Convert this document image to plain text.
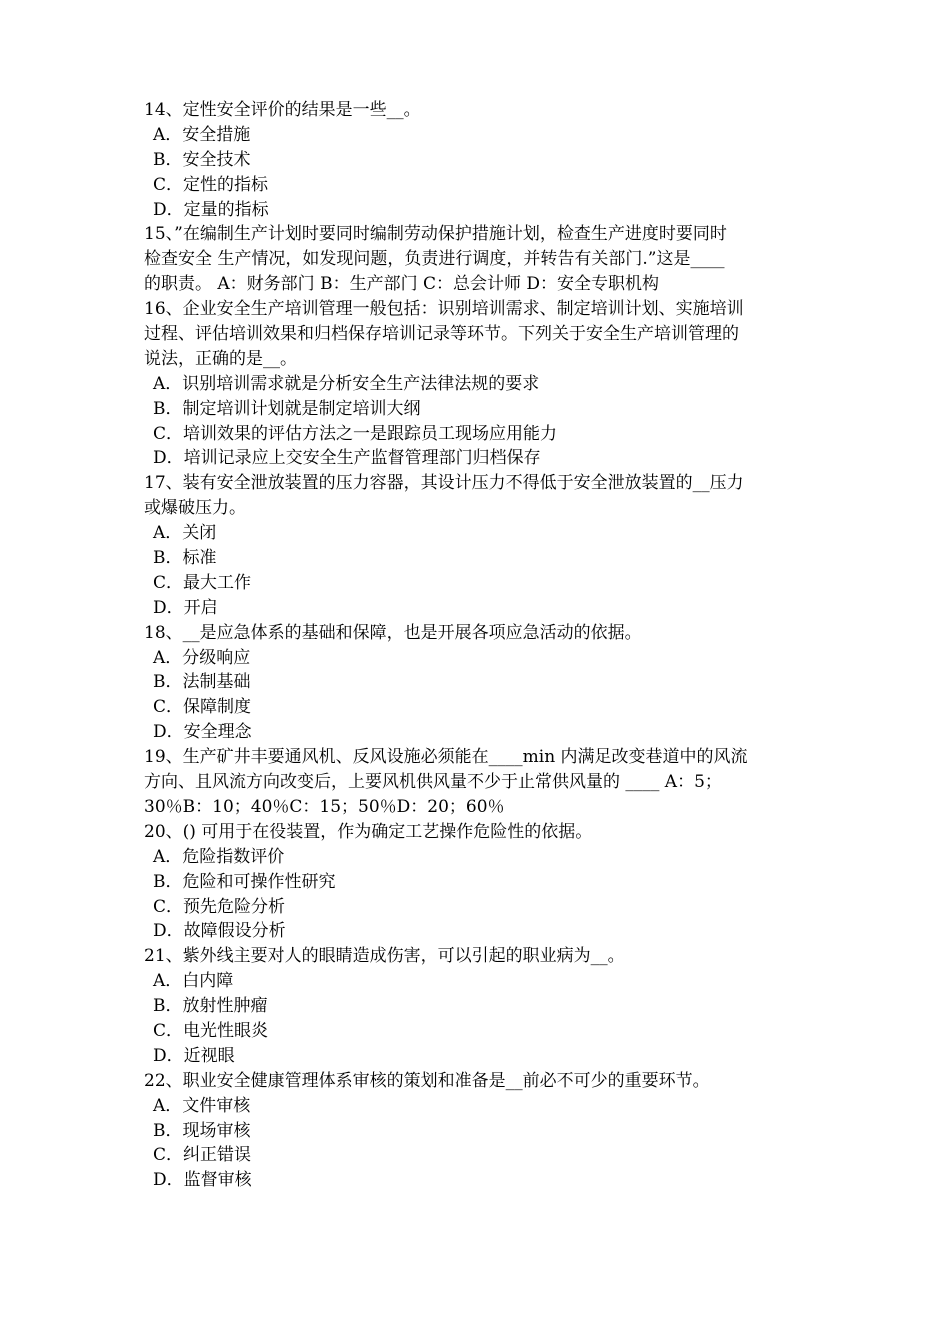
14、定性安全评价的结果是一些__。
A．安全措施
B．安全技术
C．定性的指标
D．定量的指标
15、”在编制生产计划时要同时编制劳动保护措施计划，检查生产进度时要同时
检查安全 生产情况，如发现问题，负责进行调度，并转告有关部门.”这是____
的职责。 A：财务部门 B：生产部门 C：总会计师 D：安全专职机构
16、企业安全生产培训管理一般包括：识别培训需求、制定培训计划、实施培训
过程、评估培训效果和归档保存培训记录等环节。下列关于安全生产培训管理的
说法，正确的是__。
A．识别培训需求就是分析安全生产法律法规的要求
B．制定培训计划就是制定培训大纲
C．培训效果的评估方法之一是跟踪员工现场应用能力
D．培训记录应上交安全生产监督管理部门归档保存
17、装有安全泄放装置的压力容器，其设计压力不得低于安全泄放装置的__压力
或爆破压力。
A．关闭
B．标准
C．最大工作
D．开启
18、__是应急体系的基础和保障，也是开展各项应急活动的依据。
A．分级响应
B．法制基础
C．保障制度
D．安全理念
19、生产矿井丰要通风机、反风设施必须能在____min 内满足改变巷道中的风流
方向、且风流方向改变后，上要风机供风量不少于止常供风量的 ____ A：5；
30％B：10；40％C：15；50％D：20；60％
20、() 可用于在役装置，作为确定工艺操作危险性的依据。
A．危险指数评价
B．危险和可操作性研究
C．预先危险分析
D．故障假设分析
21、紫外线主要对人的眼睛造成伤害，可以引起的职业病为__。
A．白内障
B．放射性肿瘤
C．电光性眼炎
D．近视眼
22、职业安全健康管理体系审核的策划和准备是__前必不可少的重要环节。
A．文件审核
B．现场审核
C．纠正错误
D．监督审核
